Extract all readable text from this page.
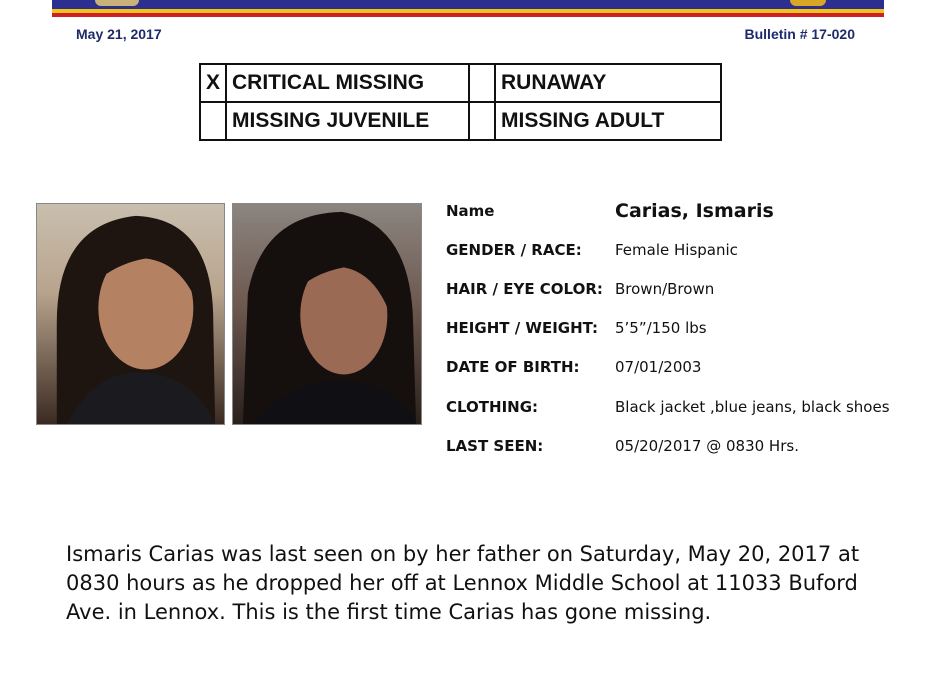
May 21, 2017	Bulletin # 17-020
X	CRITICAL MISSING		RUNAWAY
	MISSING JUVENILE		MISSING ADULT
Name	Carias, Ismaris
GENDER / RACE: Female Hispanic
HAIR / EYE COLOR: Brown/Brown
HEIGHT / WEIGHT: 5’5”/150 lbs
DATE OF BIRTH: 07/01/2003
CLOTHING:	Black jacket ,blue jeans, black shoes
LAST SEEN:	05/20/2017 @ 0830 Hrs.
Ismaris Carias was last seen on by her father on Saturday, May 20, 2017 at 0830 hours as he dropped her off at Lennox Middle School at 11033 Buford Ave. in Lennox. This is the first time Carias has gone missing.
